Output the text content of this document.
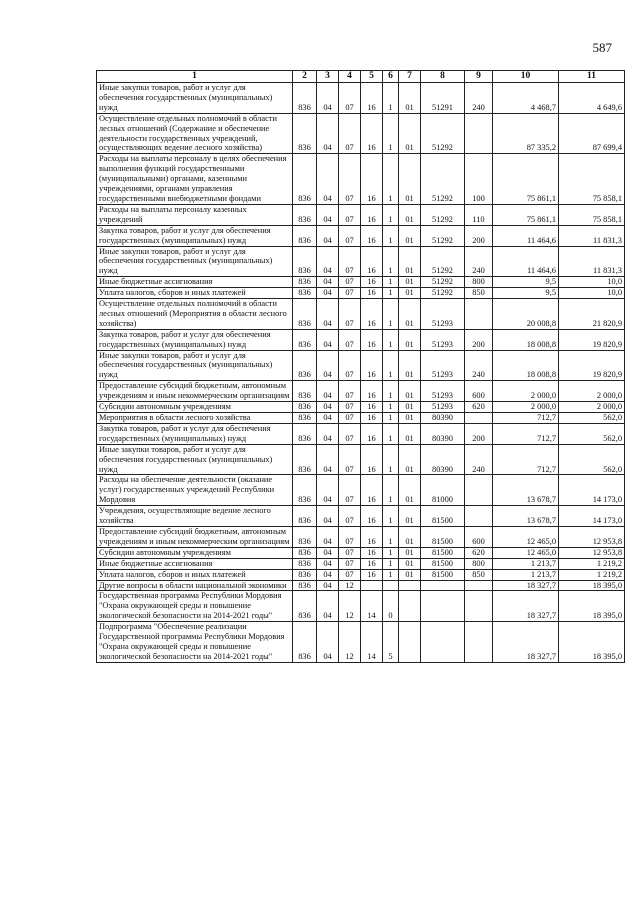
587
1	2	3	4	5	6	7	8	9	10	11
Иные закупки товаров, работ и услуг для обеспечения государственных (муниципальных) нужд	836	04	07	16	1	01	51291	240	4 468,7	4 649,6
Осуществление отдельных полномочий в области лесных отношений (Содержание и обеспечение деятельности государственных учреждений, осуществляющих ведение лесного хозяйства)	836	04	07	16	1	01	51292		87 335,2	87 699,4
Расходы на выплаты персоналу в целях обеспечения выполнения функций государственными (муниципальными) органами, казенными учреждениями, органами управления государственными внебюджетными фондами	836	04	07	16	1	01	51292	100	75 861,1	75 858,1
Расходы на выплаты персоналу казенных учреждений	836	04	07	16	1	01	51292	110	75 861,1	75 858,1
Закупка товаров, работ и услуг для обеспечения государственных (муниципальных) нужд	836	04	07	16	1	01	51292	200	11 464,6	11 831,3
Иные закупки товаров, работ и услуг для обеспечения государственных (муниципальных) нужд	836	04	07	16	1	01	51292	240	11 464,6	11 831,3
Иные бюджетные ассигнования	836	04	07	16	1	01	51292	800	9,5	10,0
Уплата налогов, сборов и иных платежей	836	04	07	16	1	01	51292	850	9,5	10,0
Осуществление отдельных полномочий в области лесных отношений (Мероприятия в области лесного хозяйства)	836	04	07	16	1	01	51293		20 008,8	21 820,9
Закупка товаров, работ и услуг для обеспечения государственных (муниципальных) нужд	836	04	07	16	1	01	51293	200	18 008,8	19 820,9
Иные закупки товаров, работ и услуг для обеспечения государственных (муниципальных) нужд	836	04	07	16	1	01	51293	240	18 008,8	19 820,9
Предоставление субсидий бюджетным, автономным учреждениям и иным некоммерческим организациям	836	04	07	16	1	01	51293	600	2 000,0	2 000,0
Субсидии автономным учреждениям	836	04	07	16	1	01	51293	620	2 000,0	2 000,0
Мероприятия в области лесного хозяйства	836	04	07	16	1	01	80390		712,7	562,0
Закупка товаров, работ и услуг для обеспечения государственных (муниципальных) нужд	836	04	07	16	1	01	80390	200	712,7	562,0
Иные закупки товаров, работ и услуг для обеспечения государственных (муниципальных) нужд	836	04	07	16	1	01	80390	240	712,7	562,0
Расходы на обеспечение деятельности (оказание услуг) государственных учреждений Республики Мордовия	836	04	07	16	1	01	81000		13 678,7	14 173,0
Учреждения, осуществляющие ведение лесного хозяйства	836	04	07	16	1	01	81500		13 678,7	14 173,0
Предоставление субсидий бюджетным, автономным учреждениям и иным некоммерческим организациям	836	04	07	16	1	01	81500	600	12 465,0	12 953,8
Субсидии автономным учреждениям	836	04	07	16	1	01	81500	620	12 465,0	12 953,8
Иные бюджетные ассигнования	836	04	07	16	1	01	81500	800	1 213,7	1 219,2
Уплата налогов, сборов и иных платежей	836	04	07	16	1	01	81500	850	1 213,7	1 219,2
Другие вопросы в области национальной экономики	836	04	12						18 327,7	18 395,0
Государственная программа Республики Мордовия "Охрана окружающей среды и повышение экологической безопасности на 2014-2021 годы"	836	04	12	14	0				18 327,7	18 395,0
Подпрограмма "Обеспечение реализации Государственной программы Республики Мордовия "Охрана окружающей среды и повышение экологической безопасности на 2014-2021 годы"	836	04	12	14	5				18 327,7	18 395,0
